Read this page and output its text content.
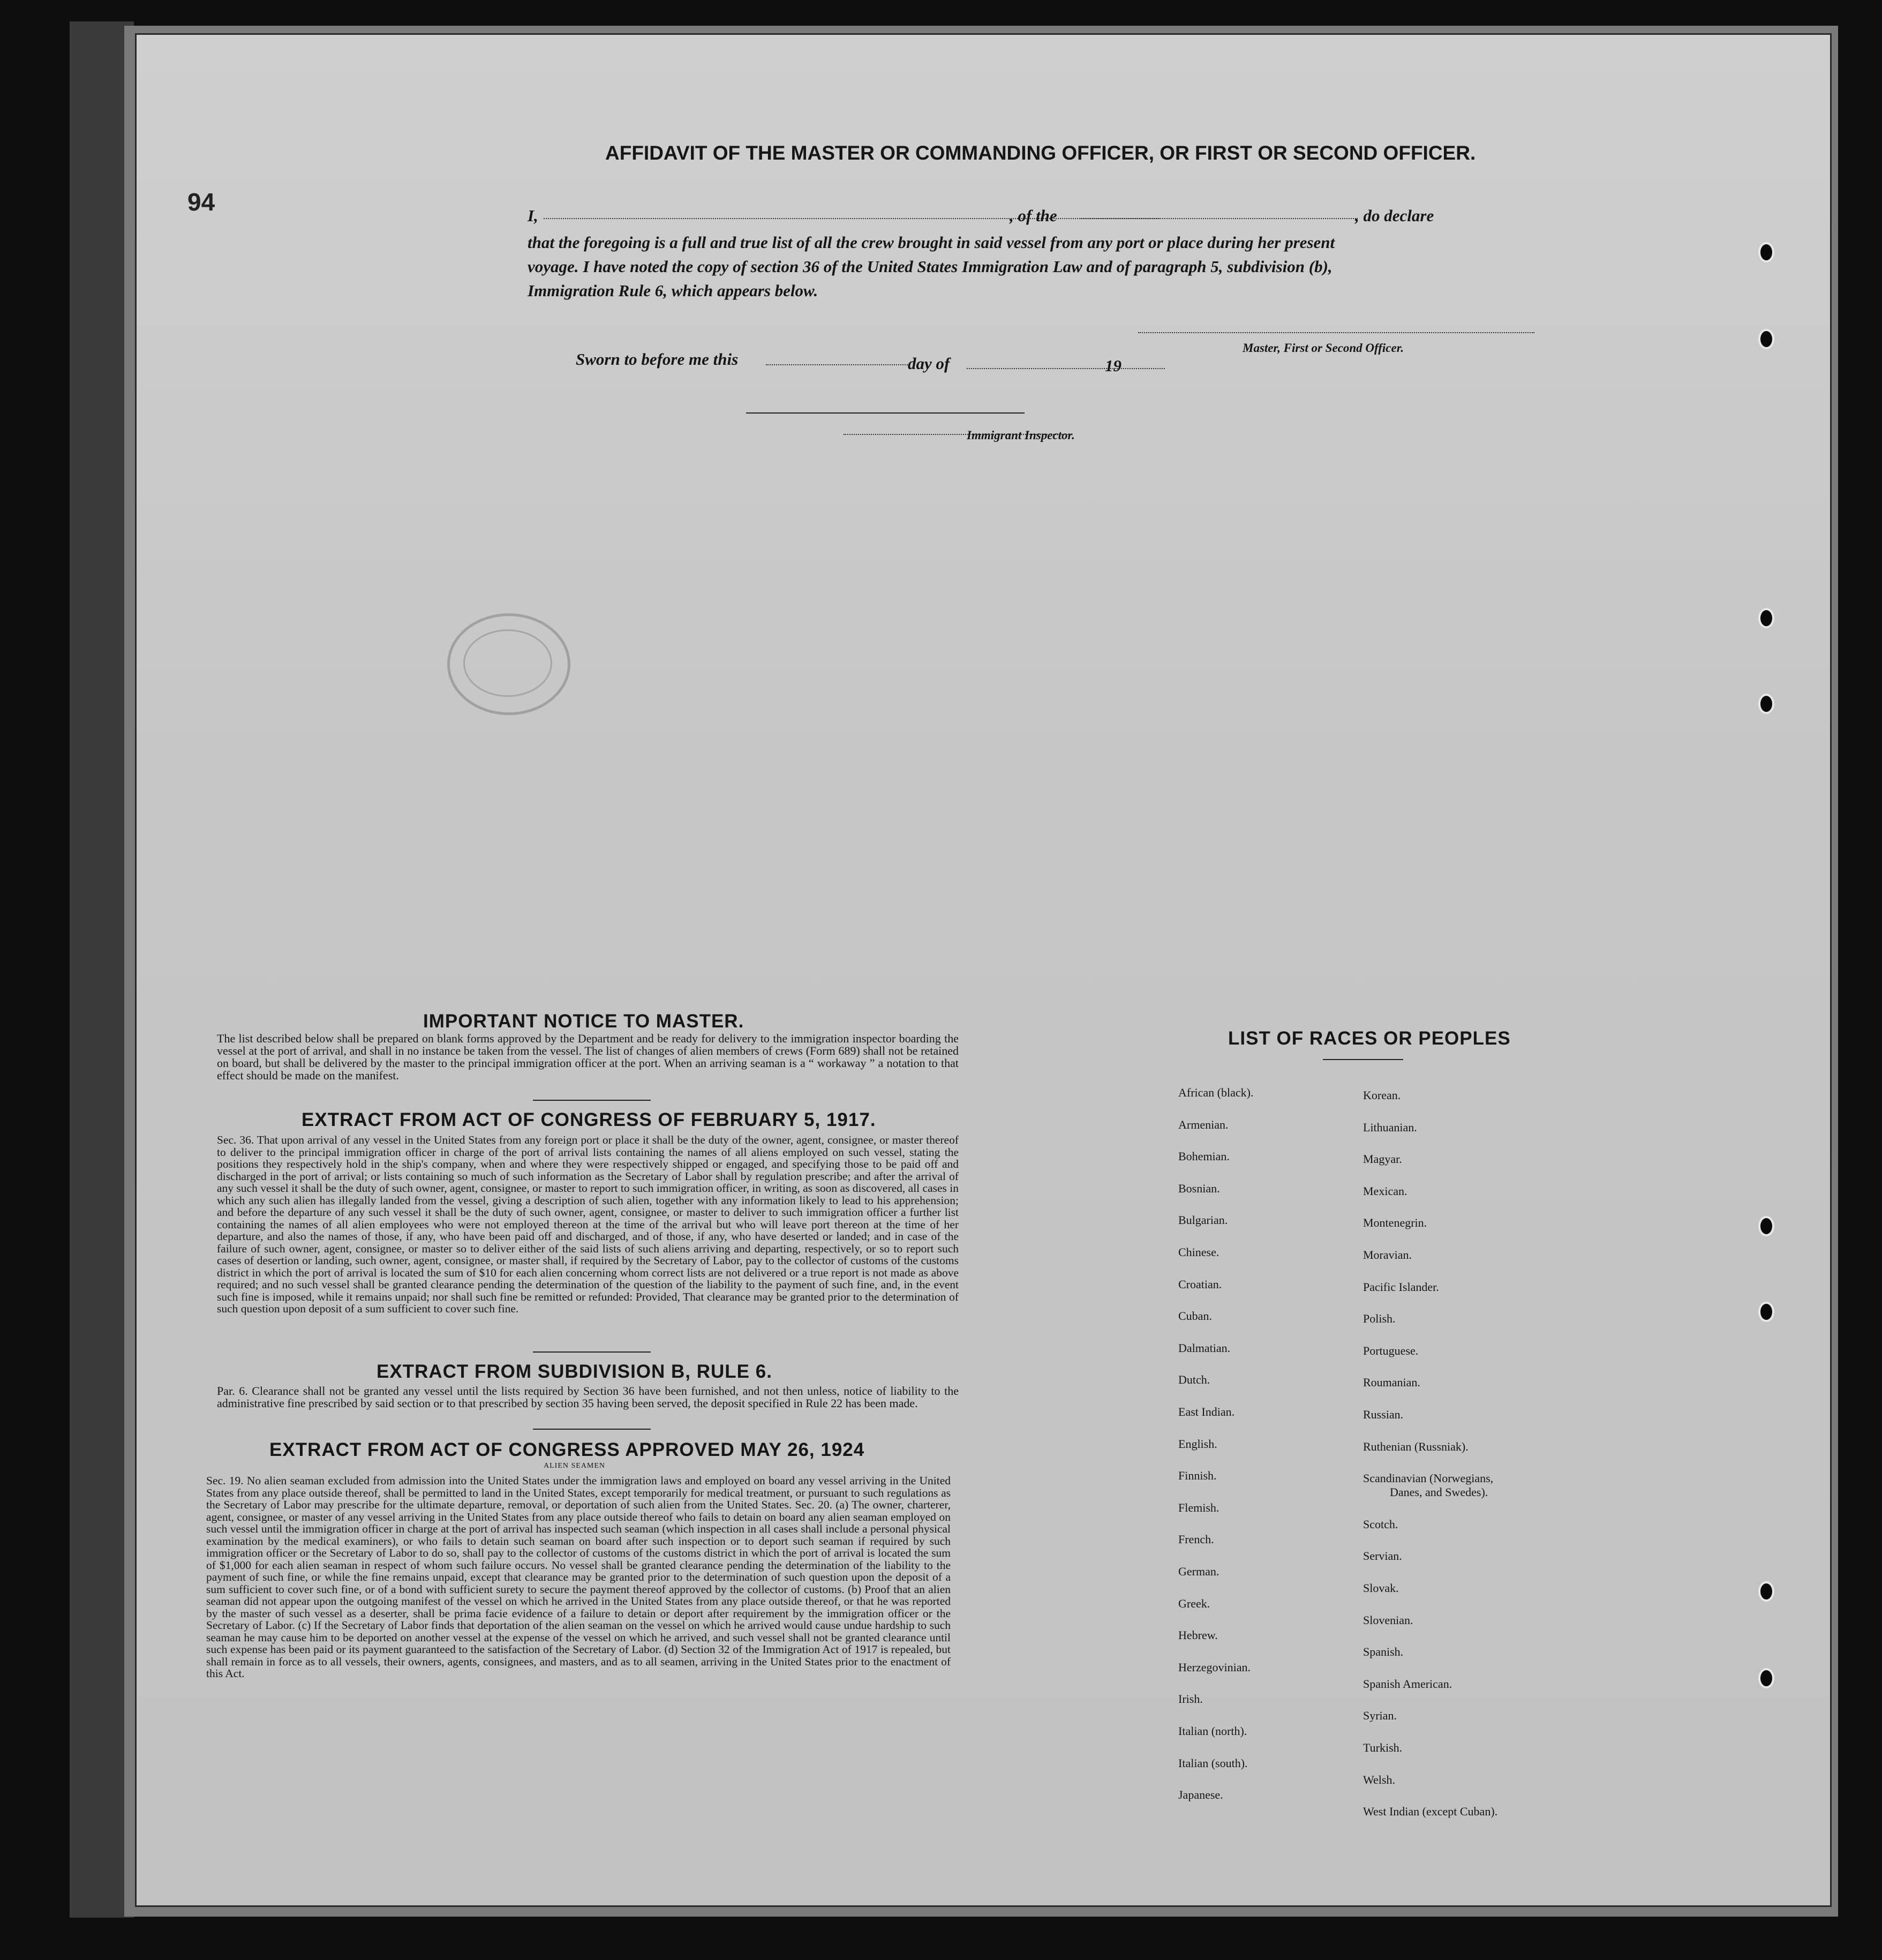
94
AFFIDAVIT OF THE MASTER OR COMMANDING OFFICER, OR FIRST OR SECOND OFFICER.
I,	, of the	, do declare
that the foregoing is a full and true list of all the crew brought in said vessel from any port or place during her present
voyage. I have noted the copy of section 36 of the United States Immigration Law and of paragraph 5, subdivision (b),
Immigration Rule 6, which appears below.
Master, First or Second Officer.
Sworn to before me this	day of	19
Immigrant Inspector.
IMPORTANT NOTICE TO MASTER.
The list described below shall be prepared on blank forms approved by the Department and be ready for delivery to the immigration inspector boarding the vessel at the port of arrival, and shall in no instance be taken from the vessel. The list of changes of alien members of crews (Form 689) shall not be retained on board, but shall be delivered by the master to the principal immigration officer at the port. When an arriving seaman is a “ workaway ” a notation to that effect should be made on the manifest.
EXTRACT FROM ACT OF CONGRESS OF FEBRUARY 5, 1917.
Sec. 36. That upon arrival of any vessel in the United States from any foreign port or place it shall be the duty of the owner, agent, consignee, or master thereof to deliver to the principal immigration officer in charge of the port of arrival lists containing the names of all aliens employed on such vessel, stating the positions they respectively hold in the ship's company, when and where they were respectively shipped or engaged, and specifying those to be paid off and discharged in the port of arrival; or lists containing so much of such information as the Secretary of Labor shall by regulation prescribe; and after the arrival of any such vessel it shall be the duty of such owner, agent, consignee, or master to report to such immigration officer, in writing, as soon as discovered, all cases in which any such alien has illegally landed from the vessel, giving a description of such alien, together with any information likely to lead to his apprehension; and before the departure of any such vessel it shall be the duty of such owner, agent, consignee, or master to deliver to such immigration officer a further list containing the names of all alien employees who were not employed thereon at the time of the arrival but who will leave port thereon at the time of her departure, and also the names of those, if any, who have been paid off and discharged, and of those, if any, who have deserted or landed; and in case of the failure of such owner, agent, consignee, or master so to deliver either of the said lists of such aliens arriving and departing, respectively, or so to report such cases of desertion or landing, such owner, agent, consignee, or master shall, if required by the Secretary of Labor, pay to the collector of customs of the customs district in which the port of arrival is located the sum of $10 for each alien concerning whom correct lists are not delivered or a true report is not made as above required; and no such vessel shall be granted clearance pending the determination of the question of the liability to the payment of such fine, and, in the event such fine is imposed, while it remains unpaid; nor shall such fine be remitted or refunded: Provided, That clearance may be granted prior to the determination of such question upon deposit of a sum sufficient to cover such fine.
EXTRACT FROM SUBDIVISION B, RULE 6.
Par. 6. Clearance shall not be granted any vessel until the lists required by Section 36 have been furnished, and not then unless, notice of liability to the administrative fine prescribed by said section or to that prescribed by section 35 having been served, the deposit specified in Rule 22 has been made.
EXTRACT FROM ACT OF CONGRESS APPROVED MAY 26, 1924
ALIEN SEAMEN
Sec. 19. No alien seaman excluded from admission into the United States under the immigration laws and employed on board any vessel arriving in the United States from any place outside thereof, shall be permitted to land in the United States, except temporarily for medical treatment, or pursuant to such regulations as the Secretary of Labor may prescribe for the ultimate departure, removal, or deportation of such alien from the United States. Sec. 20. (a) The owner, charterer, agent, consignee, or master of any vessel arriving in the United States from any place outside thereof who fails to detain on board any alien seaman employed on such vessel until the immigration officer in charge at the port of arrival has inspected such seaman (which inspection in all cases shall include a personal physical examination by the medical examiners), or who fails to detain such seaman on board after such inspection or to deport such seaman if required by such immigration officer or the Secretary of Labor to do so, shall pay to the collector of customs of the customs district in which the port of arrival is located the sum of $1,000 for each alien seaman in respect of whom such failure occurs. No vessel shall be granted clearance pending the determination of the liability to the payment of such fine, or while the fine remains unpaid, except that clearance may be granted prior to the determination of such question upon the deposit of a sum sufficient to cover such fine, or of a bond with sufficient surety to secure the payment thereof approved by the collector of customs. (b) Proof that an alien seaman did not appear upon the outgoing manifest of the vessel on which he arrived in the United States from any place outside thereof, or that he was reported by the master of such vessel as a deserter, shall be prima facie evidence of a failure to detain or deport after requirement by the immigration officer or the Secretary of Labor. (c) If the Secretary of Labor finds that deportation of the alien seaman on the vessel on which he arrived would cause undue hardship to such seaman he may cause him to be deported on another vessel at the expense of the vessel on which he arrived, and such vessel shall not be granted clearance until such expense has been paid or its payment guaranteed to the satisfaction of the Secretary of Labor. (d) Section 32 of the Immigration Act of 1917 is repealed, but shall remain in force as to all vessels, their owners, agents, consignees, and masters, and as to all seamen, arriving in the United States prior to the enactment of this Act.
LIST OF RACES OR PEOPLES
African (black).
Armenian.
Bohemian.
Bosnian.
Bulgarian.
Chinese.
Croatian.
Cuban.
Dalmatian.
Dutch.
East Indian.
English.
Finnish.
Flemish.
French.
German.
Greek.
Hebrew.
Herzegovinian.
Irish.
Italian (north).
Italian (south).
Japanese.
Korean.
Lithuanian.
Magyar.
Mexican.
Montenegrin.
Moravian.
Pacific Islander.
Polish.
Portuguese.
Roumanian.
Russian.
Ruthenian (Russniak).
Scandinavian (Norwegians,
Danes, and Swedes).
Scotch.
Servian.
Slovak.
Slovenian.
Spanish.
Spanish American.
Syrian.
Turkish.
Welsh.
West Indian (except Cuban).
